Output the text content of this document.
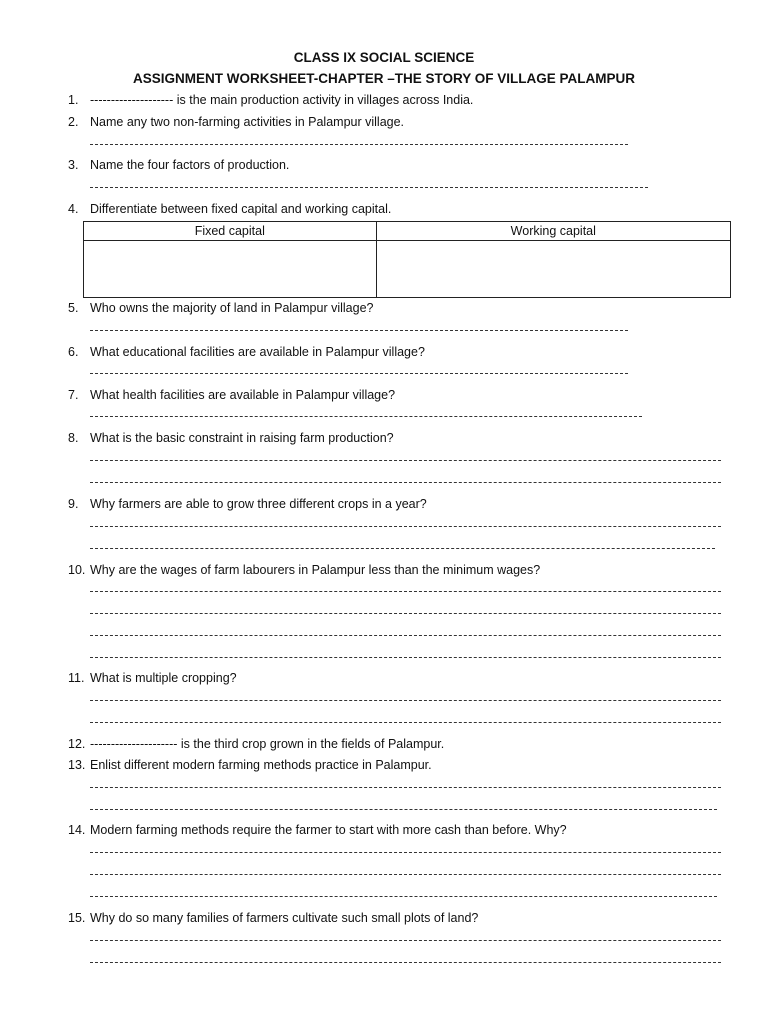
CLASS IX SOCIAL SCIENCE
ASSIGNMENT WORKSHEET-CHAPTER –THE STORY OF VILLAGE PALAMPUR
1. -------------------- is the main production activity in villages across India.
2. Name any two non-farming activities in Palampur village.
3. Name the four factors of production.
4. Differentiate between fixed capital and working capital.
Fixed capital	Working capital

5. Who owns the majority of land in Palampur village?
6. What educational facilities are available in Palampur village?
7. What health facilities are available in Palampur village?
8. What is the basic constraint in raising farm production?
9. Why farmers are able to grow three different crops in a year?
10. Why are the wages of farm labourers in Palampur less than the minimum wages?
11. What is multiple cropping?
12. --------------------- is the third crop grown in the fields of Palampur.
13. Enlist different modern farming methods practice in Palampur.
14. Modern farming methods require the farmer to start with more cash than before. Why?
15. Why do so many families of farmers cultivate such small plots of land?
